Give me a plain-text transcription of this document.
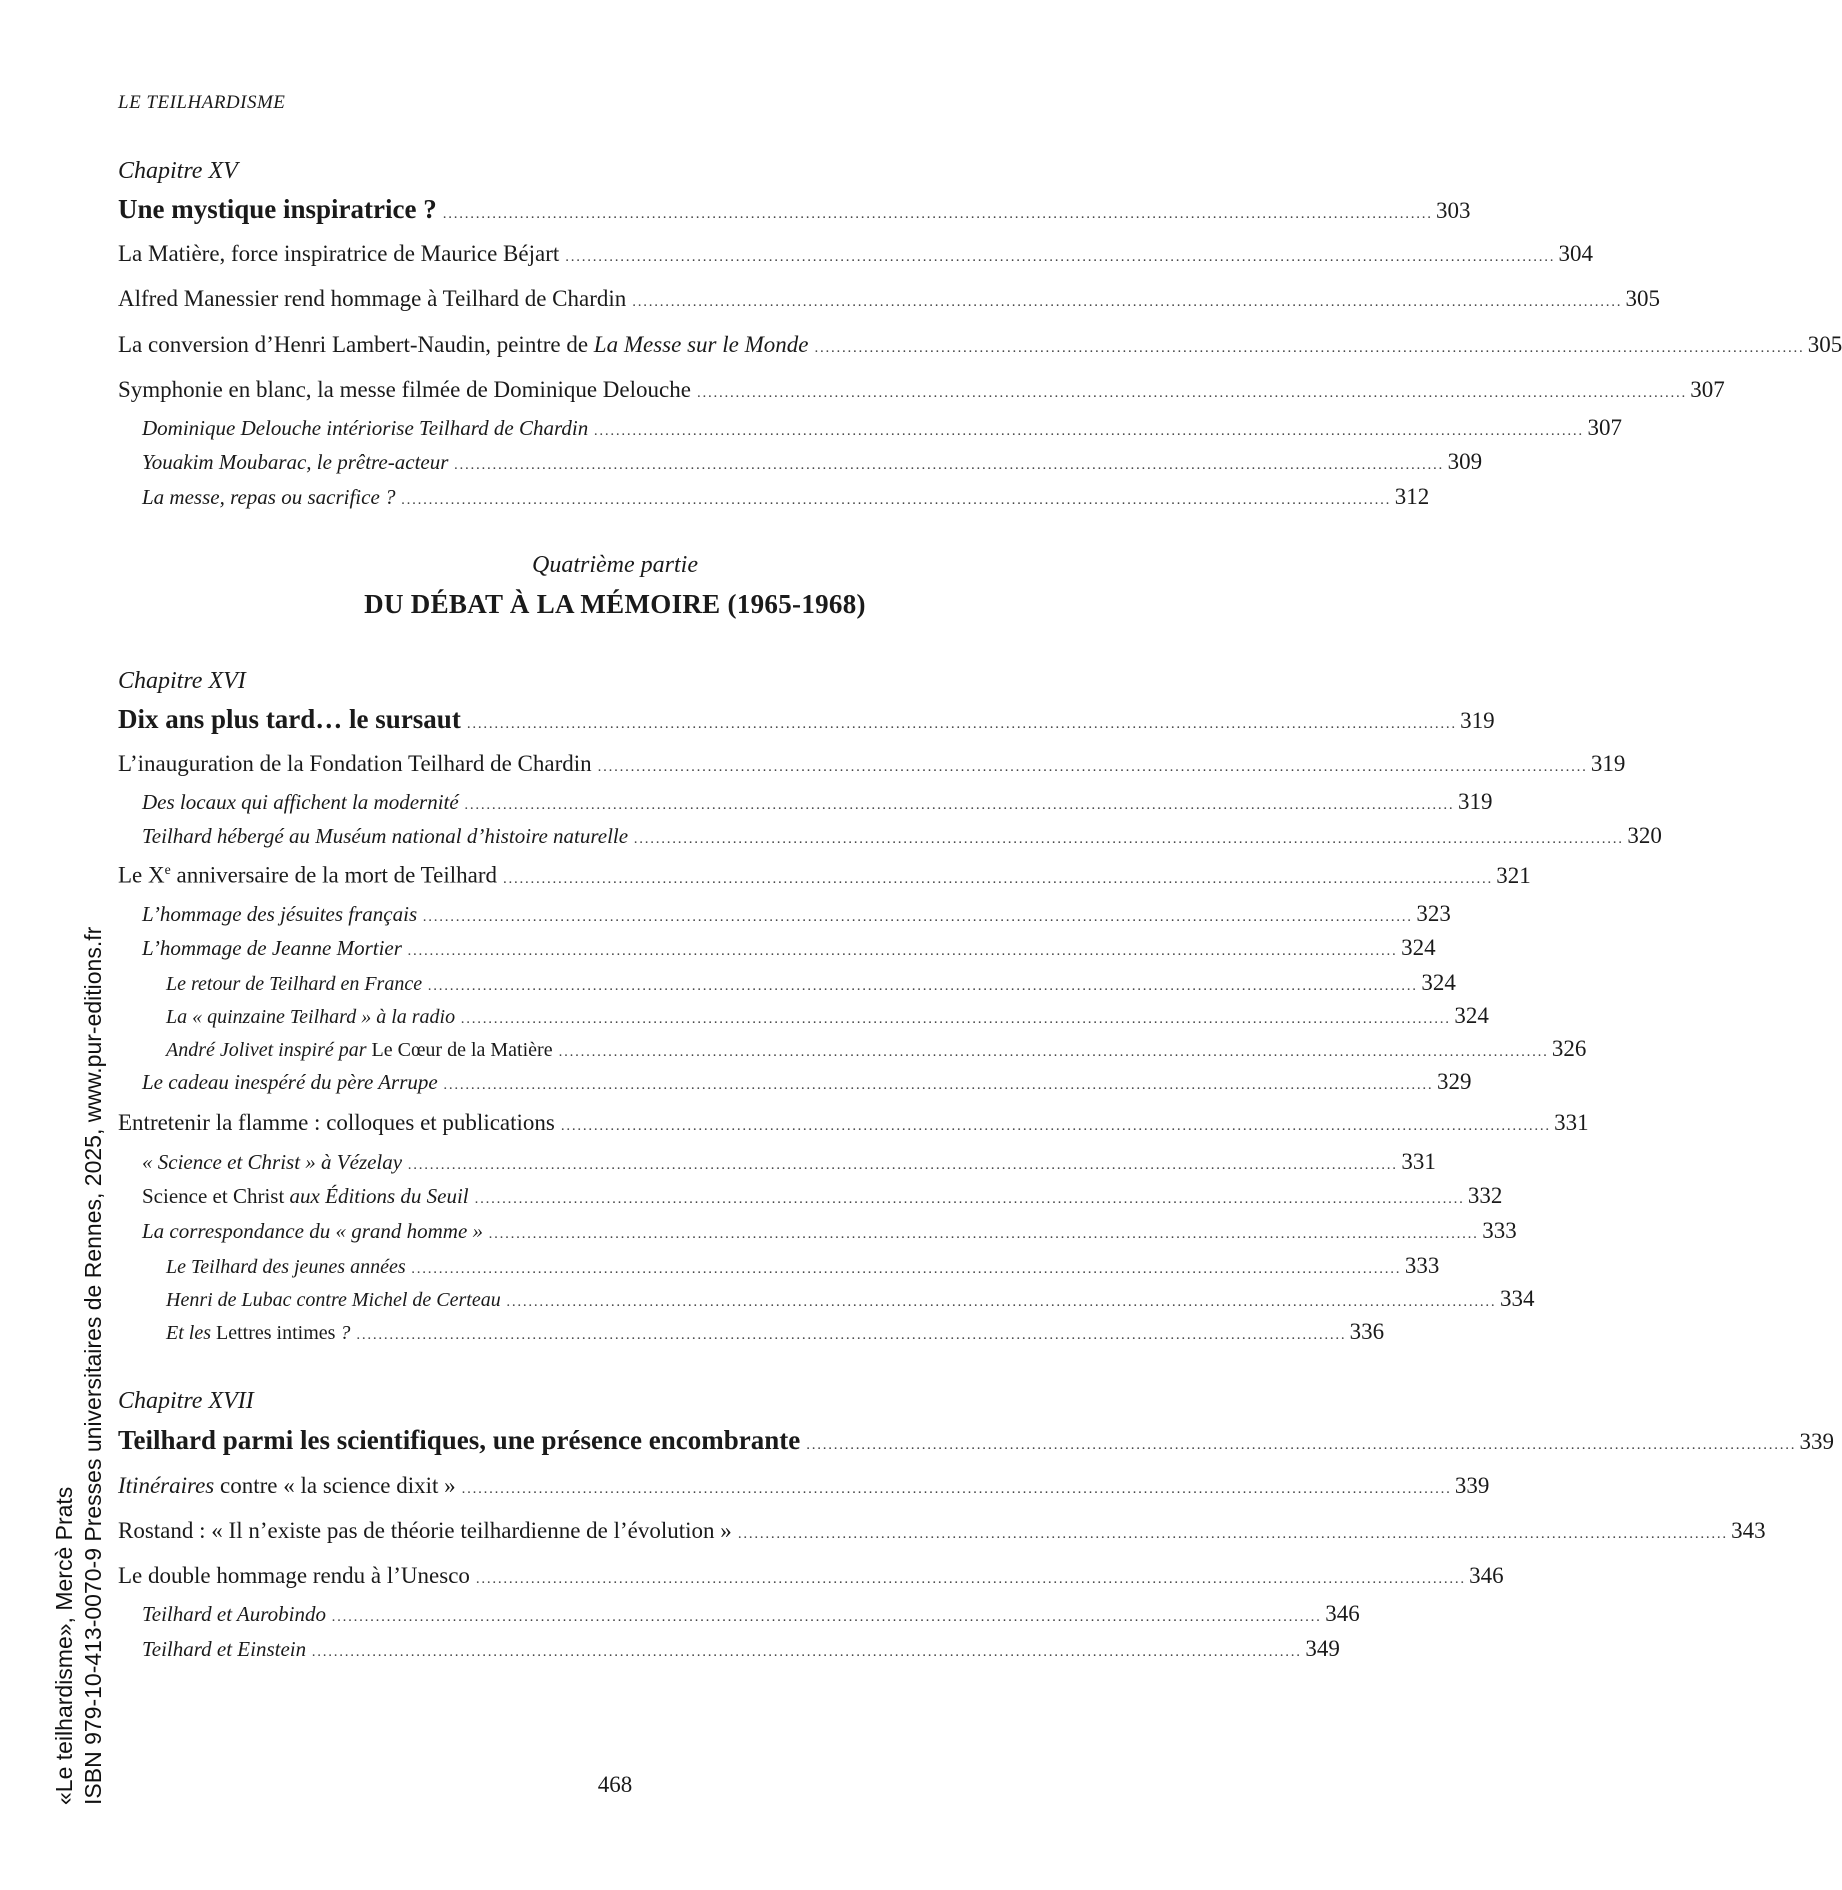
LE TEILHARDISME
Chapitre XV
Une mystique inspiratrice ? . . .	303
La Matière, force inspiratrice de Maurice Béjart . . .	304
Alfred Manessier rend hommage à Teilhard de Chardin . . .	305
La conversion d’Henri Lambert-Naudin, peintre de La Messe sur le Monde . . .	305
Symphonie en blanc, la messe filmée de Dominique Delouche . . .	307
Dominique Delouche intériorise Teilhard de Chardin . . .	307
Youakim Moubarac, le prêtre-acteur . . .	309
La messe, repas ou sacrifice ? . . .	312
Quatrième partie
DU DÉBAT À LA MÉMOIRE (1965-1968)
Chapitre XVI
Dix ans plus tard… le sursaut . . .	319
L’inauguration de la Fondation Teilhard de Chardin . . .	319
Des locaux qui affichent la modernité . . .	319
Teilhard hébergé au Muséum national d’histoire naturelle . . .	320
Le Xe anniversaire de la mort de Teilhard . . .	321
L’hommage des jésuites français . . .	323
L’hommage de Jeanne Mortier . . .	324
Le retour de Teilhard en France . . .	324
La « quinzaine Teilhard » à la radio . . .	324
André Jolivet inspiré par Le Cœur de la Matière . . .	326
Le cadeau inespéré du père Arrupe . . .	329
Entretenir la flamme : colloques et publications . . .	331
« Science et Christ » à Vézelay . . .	331
Science et Christ aux Éditions du Seuil . . .	332
La correspondance du « grand homme » . . .	333
Le Teilhard des jeunes années . . .	333
Henri de Lubac contre Michel de Certeau . . .	334
Et les Lettres intimes ? . . .	336
Chapitre XVII
Teilhard parmi les scientifiques, une présence encombrante . . .	339
Itinéraires contre « la science dixit » . . .	339
Rostand : « Il n’existe pas de théorie teilhardienne de l’évolution » . . .	343
Le double hommage rendu à l’Unesco . . .	346
Teilhard et Aurobindo . . .	346
Teilhard et Einstein . . .	349
«Le teilhardisme», Mercè Prats ISBN 979-10-413-0070-9 Presses universitaires de Rennes, 2025, www.pur-editions.fr	468
